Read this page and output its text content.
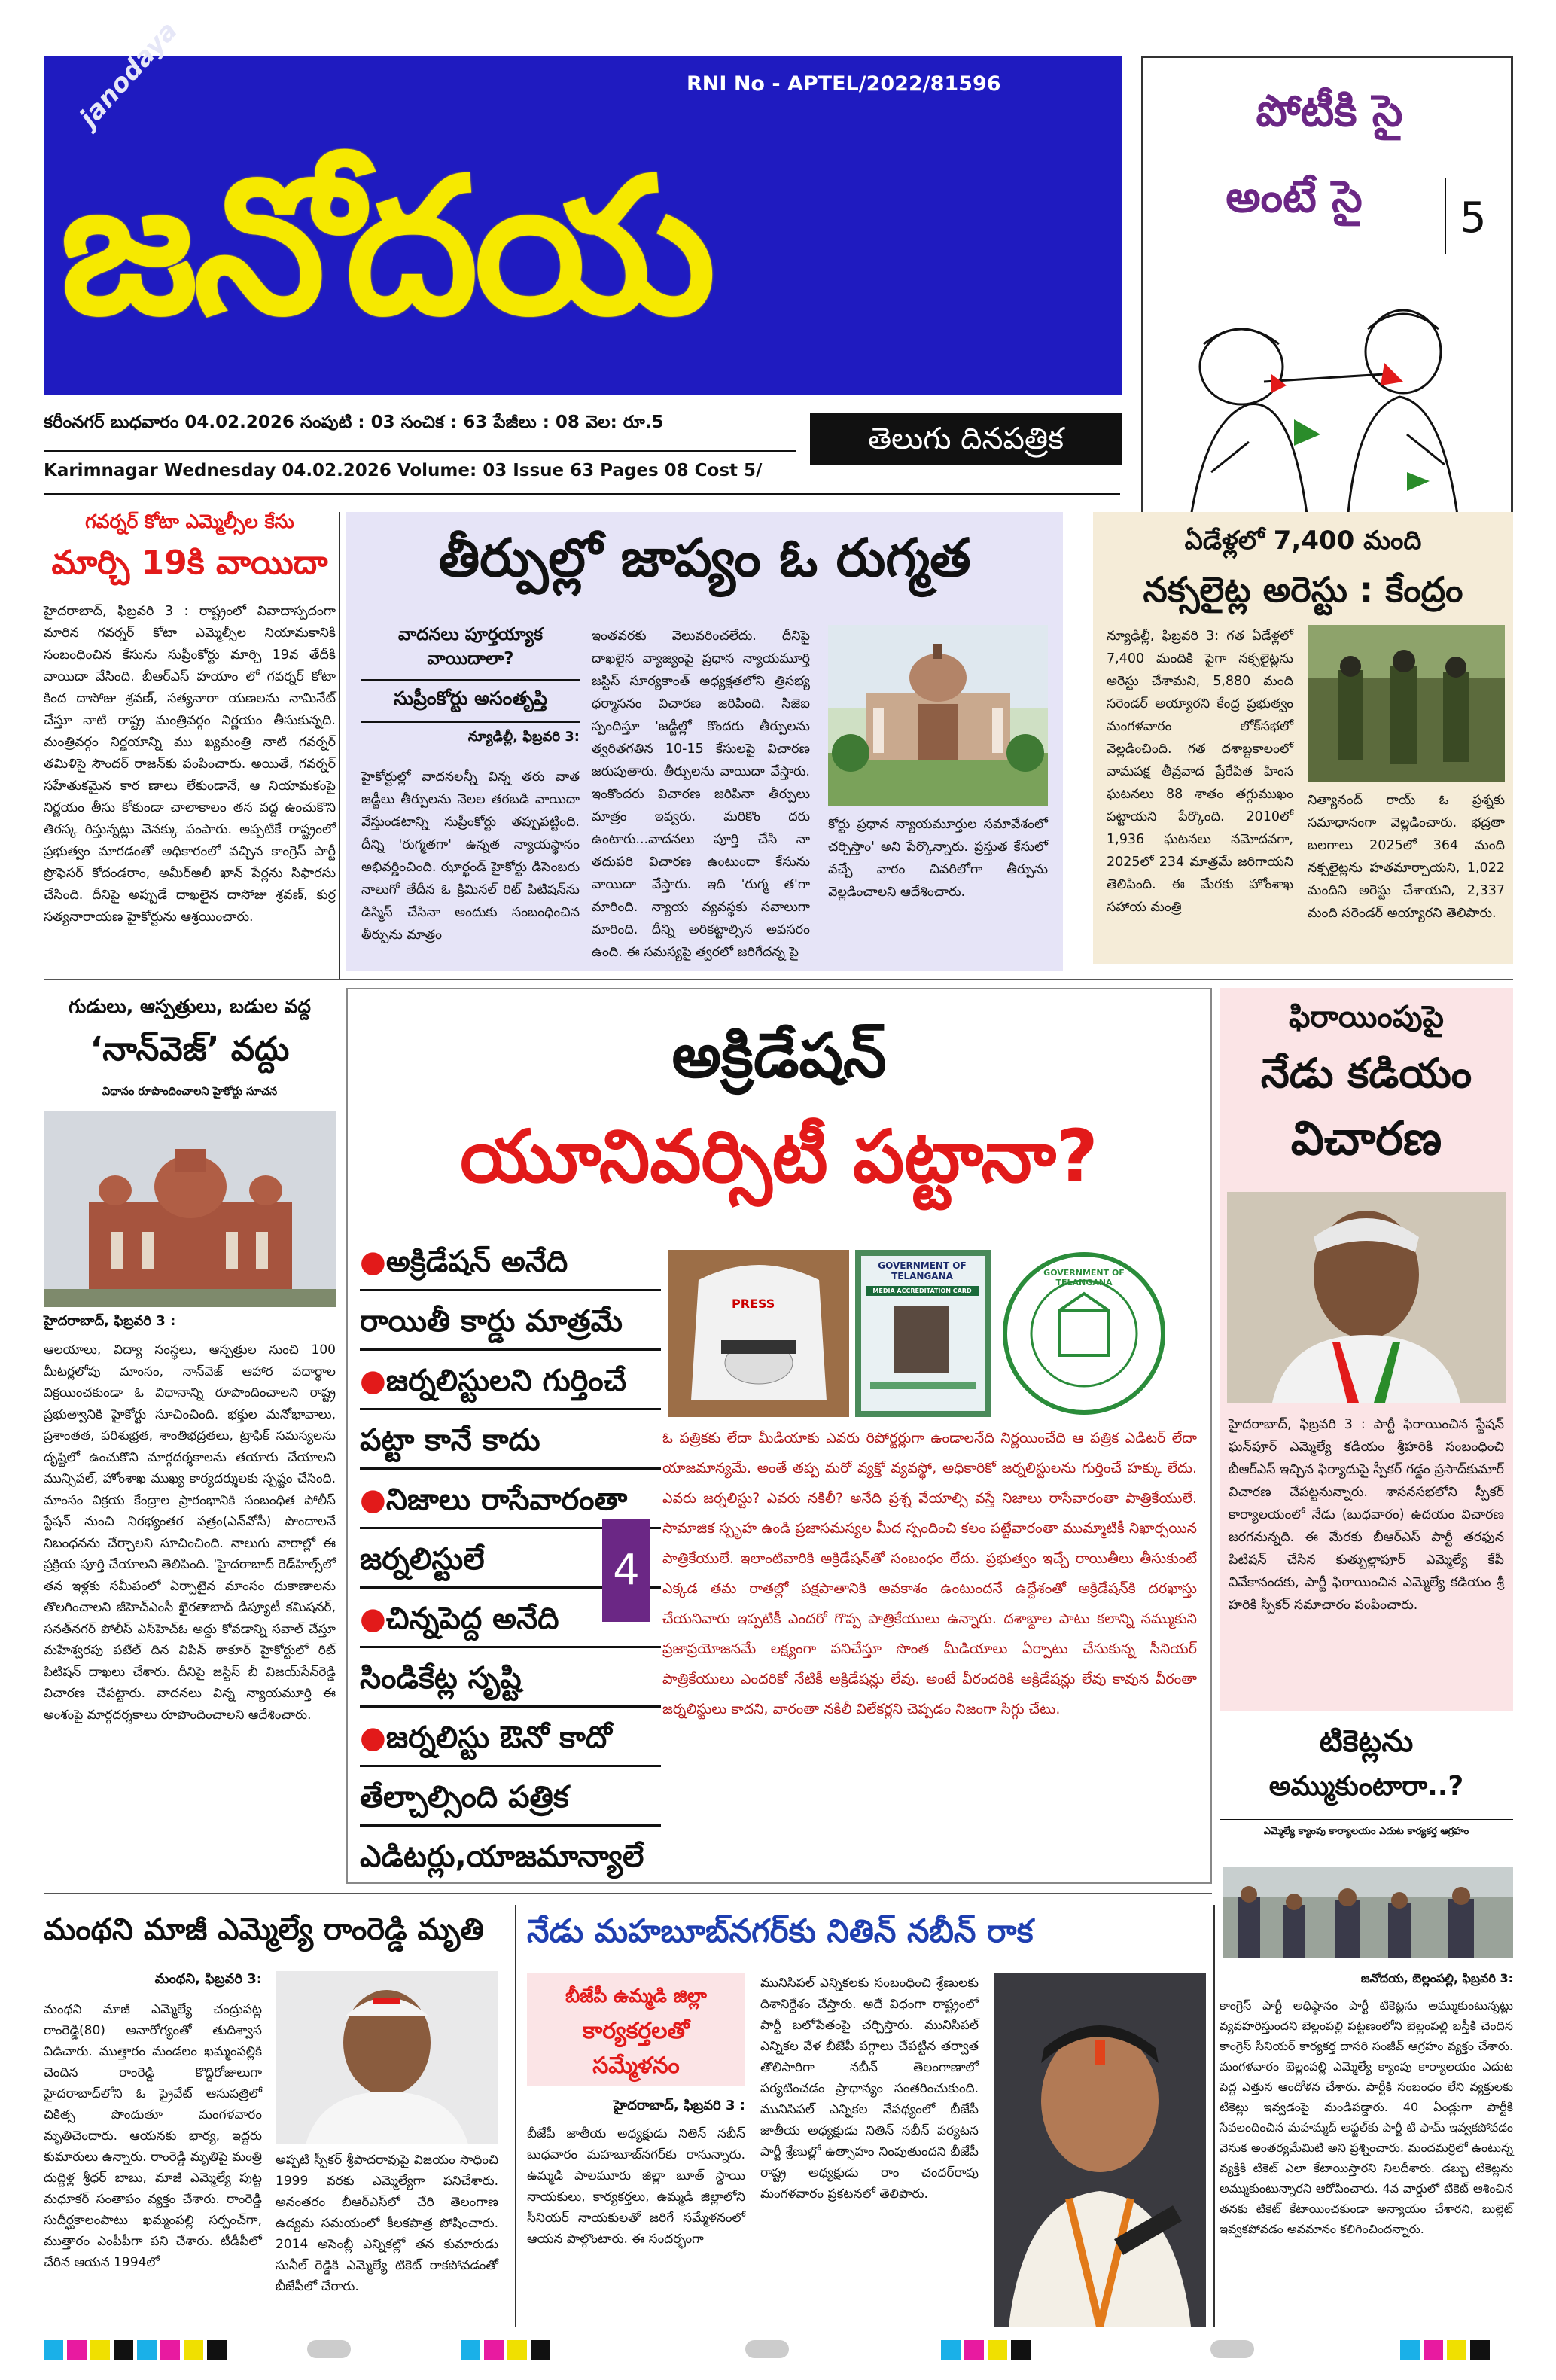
RNI No - APTEL/2022/81596
janodaya
జనోదయ
పోటీకి సై
అంటే సై	5
కరీంనగర్ బుధవారం 04.02.2026 సంపుటి : 03 సంచిక : 63 పేజీలు : 08 వెల: రూ.5	తెలుగు దినపత్రిక
Karimnagar Wednesday 04.02.2026 Volume: 03 Issue 63 Pages 08 Cost 5/
గవర్నర్ కోటా ఎమ్మెల్సీల కేసు
మార్చి 19కి వాయిదా
హైదరాబాద్, ఫిబ్రవరి 3 : రాష్ట్రంలో వివాదాస్పదంగా మారిన గవర్నర్ కోటా ఎమ్మెల్సీల నియామకానికి సంబంధించిన కేసును సుప్రీంకోర్టు మార్చి 19వ తేదీకి వాయిదా వేసింది. బీఆర్ఎస్ హయాం లో గవర్నర్ కోటా కింద దాసోజు శ్రవణ్, సత్యనారా యణలను నామినేట్ చేస్తూ నాటి రాష్ట్ర మంత్రివర్గం నిర్ణయం తీసుకున్నది. మంత్రివర్గం నిర్ణయాన్ని ము ఖ్యమంత్రి నాటి గవర్నర్ తమిళిసై సౌందర్ రాజన్‌కు పంపించారు. అయితే, గవర్నర్ సహేతుకమైన కార ణాలు లేకుండానే, ఆ నియామకంపై నిర్ణయం తీసు కోకుండా చాలాకాలం తన వద్ద ఉంచుకొని తిరస్క రిస్తున్నట్లు వెనక్కు పంపారు. అప్పటికే రాష్ట్రంలో ప్రభుత్వం మారడంతో అధికారంలో వచ్చిన కాంగ్రెస్ పార్టీ ప్రొఫెసర్ కోదండరాం, అమీర్‌అలీ ఖాన్ పేర్లను సిఫారసు చేసింది. దీనిపై అప్పుడే దాఖలైన దాసోజు శ్రవణ్, కుర్ర సత్యనారాయణ హైకోర్టును ఆశ్రయించారు.
తీర్పుల్లో జాప్యం ఓ రుగ్మత
వాదనలు పూర్తయ్యాక వాయిదాలా?
సుప్రీంకోర్టు అసంతృప్తి
న్యూఢిల్లీ, ఫిబ్రవరి 3:
హైకోర్టుల్లో వాదనలన్నీ విన్న తరు వాత జడ్జీలు తీర్పులను నెలల తరబడి వాయిదా వేస్తుండటాన్ని సుప్రీంకోర్టు తప్పుపట్టింది. దీన్ని 'రుగ్మతగా' ఉన్నత న్యాయస్థానం అభివర్ణించింది. ఝార్ఖండ్ హైకోర్టు డిసెంబరు నాలుగో తేదీన ఓ క్రిమినల్ రిట్ పిటిషన్‌ను డిస్మిస్ చేసినా అందుకు సంబంధించిన తీర్పును మాత్రం
ఇంతవరకు వెలువరించలేదు. దీనిపై దాఖలైన వ్యాజ్యంపై ప్రధాన న్యాయమూర్తి జస్టిస్ సూర్యకాంత్ అధ్యక్షతలోని త్రిసభ్య ధర్మాసనం విచారణ జరిపింది. సిజెఐ స్పందిస్తూ 'జడ్జీల్లో కొందరు తీర్పులను త్వరితగతిన 10-15 కేసులపై విచారణ జరుపుతారు. తీర్పులను వాయిదా వేస్తారు. ఇంకొందరు విచారణ జరిపినా తీర్పులు మాత్రం ఇవ్వరు. మరికొం దరు ఉంటారు...వాదనలు పూర్తి చేసి నా తదుపరి విచారణ ఉంటుందా కేసును వాయిదా వేస్తారు. ఇది 'రుగ్మ త'గా మారింది. న్యాయ వ్యవస్థకు సవాలుగా మారింది. దీన్ని అరికట్టాల్సిన అవసరం ఉంది. ఈ సమస్యపై త్వరలో జరిగేదన్న పై
కోర్టు ప్రధాన న్యాయమూర్తుల సమావేశంలో చర్చిస్తాం' అని పేర్కొన్నారు. ప్రస్తుత కేసులో వచ్చే వారం చివరిలోగా తీర్పును వెల్లడించాలని ఆదేశించారు.
ఏడేళ్లలో 7,400 మంది
నక్సలైట్ల అరెస్టు : కేంద్రం
న్యూఢిల్లీ, ఫిబ్రవరి 3: గత ఏడేళ్లలో 7,400 మందికి పైగా నక్సలైట్లను అరెస్టు చేశామని, 5,880 మంది సరెండర్ అయ్యారని కేంద్ర ప్రభుత్వం మంగళవారం లోక్‌సభలో వెల్లడించింది. గత దశాబ్దకాలంలో వామపక్ష తీవ్రవాద ప్రేరేపిత హింస ఘటనలు 88 శాతం తగ్గుముఖం పట్టాయని పేర్కొంది. 2010లో 1,936 ఘటనలు నమోదవగా, 2025లో 234 మాత్రమే జరిగాయని తెలిపింది. ఈ మేరకు హోంశాఖ సహాయ మంత్రి
నిత్యానంద్ రాయ్ ఓ ప్రశ్నకు సమాధానంగా వెల్లడించారు. భద్రతా బలగాలు 2025లో 364 మంది నక్సలైట్లను హతమార్చాయని, 1,022 మందిని అరెస్టు చేశాయని, 2,337 మంది సరెండర్ అయ్యారని తెలిపారు.
గుడులు, ఆస్పత్రులు, బడుల వద్ద
‘నాన్‌వెజ్’ వద్దు
విధానం రూపొందించాలని హైకోర్టు సూచన
హైదరాబాద్, ఫిబ్రవరి 3 :
ఆలయాలు, విద్యా సంస్థలు, ఆస్పత్రుల నుంచి 100 మీటర్లలోపు మాంసం, నాన్‌వెజ్ ఆహార పదార్థాల విక్రయించకుండా ఓ విధానాన్ని రూపొందించాలని రాష్ట్ర ప్రభుత్వానికి హైకోర్టు సూచించింది. భక్తుల మనోభావాలు, ప్రశాంతత, పరిశుభ్రత, శాంతిభద్రతలు, ట్రాఫిక్ సమస్యలను దృష్టిలో ఉంచుకొని మార్గదర్శకాలను తయారు చేయాలని మున్సిపల్, హోంశాఖ ముఖ్య కార్యదర్శులకు స్పష్టం చేసింది. మాంసం విక్రయ కేంద్రాల ప్రారంభానికి సంబంధిత పోలీస్ స్టేషన్ నుంచి నిరభ్యంతర పత్రం(ఎన్‌వోసీ) పొందాలనే నిబంధనను చేర్చాలని సూచించింది. నాలుగు వారాల్లో ఈ ప్రక్రియ పూర్తి చేయాలని తెలిపింది. 'హైదరాబాద్ రెడ్‌హిల్స్‌లో తన ఇళ్లకు సమీపంలో ఏర్పాటైన మాంసం దుకాణాలను తొలగించాలని జీహెచ్‌ఎంసీ ఖైరతాబాద్ డిప్యూటీ కమిషనర్, సనత్‌నగర్ పోలీస్ ఎస్‌హెచ్‌ఓ అద్దు కోవడాన్ని సవాల్ చేస్తూ మహేశ్వరపు పటేల్ దిన విపిన్ ఠాకూర్ హైకోర్టులో రిట్ పిటిషన్ దాఖలు చేశారు. దీనిపై జస్టిస్ బీ విజయ్‌సేన్‌రెడ్డి విచారణ చేపట్టారు. వాదనలు విన్న న్యాయమూర్తి ఈ అంశంపై మార్గదర్శకాలు రూపొందించాలని ఆదేశించారు.
అక్రిడేషన్
యూనివర్సిటీ పట్టానా?
●అక్రిడేషన్ అనేది
రాయితీ కార్డు మాత్రమే
●జర్నలిస్టులని గుర్తించే
పట్టా కానే కాదు
●నిజాలు రాసేవారంతా
జర్నలిస్టులే
●చిన్నపెద్ద అనేది
సిండికేట్ల సృష్టి
●జర్నలిస్టు ఔనో కాదో
తేల్చాల్సింది పత్రిక
ఎడిటర్లు,యాజమాన్యాలే
4
PRESS
GOVERNMENT OF TELANGANA
MEDIA ACCREDITATION CARD
GOVERNMENT OF TELANGANA
ఓ పత్రికకు లేదా మీడియాకు ఎవరు రిపోర్టర్లుగా ఉండాలనేది నిర్ణయించేది ఆ పత్రిక ఎడిటర్ లేదా యాజమాన్యమే. అంతే తప్ప మరో వ్యక్తో వ్యవస్థో, అధికారికో జర్నలిస్టులను గుర్తించే హక్కు లేదు. ఎవరు జర్నలిస్టు? ఎవరు నకిలీ? అనేది ప్రశ్న వేయాల్సి వస్తే నిజాలు రాసేవారంతా పాత్రికేయులే. సామాజిక స్పృహ ఉండి ప్రజాసమస్యల మీద స్పందించి కలం పట్టేవారంతా ముమ్మాటికీ నిఖార్సయిన పాత్రికేయులే. ఇలాంటివారికి అక్రిడేషన్‌తో సంబంధం లేదు. ప్రభుత్వం ఇచ్చే రాయితీలు తీసుకుంటే ఎక్కడ తమ రాతల్లో పక్షపాతానికి అవకాశం ఉంటుందనే ఉద్దేశంతో అక్రిడేషన్‌కి దరఖాస్తు చేయనివారు ఇప్పటికీ ఎందరో గొప్ప పాత్రికేయులు ఉన్నారు. దశాబ్దాల పాటు కలాన్ని నమ్ముకుని ప్రజాప్రయోజనమే లక్ష్యంగా పనిచేస్తూ సొంత మీడియాలు ఏర్పాటు చేసుకున్న సీనియర్ పాత్రికేయులు ఎందరికో నేటికీ అక్రిడేషన్లు లేవు. అంటే వీరందరికి అక్రిడేషన్లు లేవు కావున వీరంతా జర్నలిస్టులు కాదని, వారంతా నకిలీ విలేకర్లని చెప్పడం నిజంగా సిగ్గు చేటు.
ఫిరాయింపుపై
నేడు కడియం
విచారణ
హైదరాబాద్, ఫిబ్రవరి 3 : పార్టీ ఫిరాయించిన స్టేషన్ ఘన్‌పూర్ ఎమ్మెల్యే కడియం శ్రీహరికి సంబంధించి బీఆర్ఎస్ ఇచ్చిన ఫిర్యాదుపై స్పీకర్ గడ్డం ప్రసాద్‌కుమార్ విచారణ చేపట్టనున్నారు. శాసనసభలోని స్పీకర్ కార్యాలయంలో నేడు (బుధవారం) ఉదయం విచారణ జరగనున్నది. ఈ మేరకు బీఆర్ఎస్ పార్టీ తరఫున పిటిషన్ చేసిన కుత్బుల్లాపూర్ ఎమ్మెల్యే కేపీ వివేకానందకు, పార్టీ ఫిరాయించిన ఎమ్మెల్యే కడియం శ్రీ హరికి స్పీకర్ సమాచారం పంపించారు.
టికెట్లను
అమ్ముకుంటారా..?
ఎమ్మెల్యే క్యాంపు కార్యాలయం ఎదుట కార్యకర్త ఆగ్రహం
మంథని మాజీ ఎమ్మెల్యే రాంరెడ్డి మృతి
మంథని, ఫిబ్రవరి 3:
మంథని మాజీ ఎమ్మెల్యే చంద్రుపట్ల రాంరెడ్డి(80) అనారోగ్యంతో తుదిశ్వాస విడిచారు. ముత్తారం మండలం ఖమ్మంపల్లికి చెందిన రాంరెడ్డి కొద్దిరోజులుగా హైదరాబాద్‌లోని ఓ ప్రైవేట్ ఆసుపత్రిలో చికిత్స పొందుతూ మంగళవారం మృతిచెందారు. ఆయనకు భార్య, ఇద్దరు కుమారులు ఉన్నారు. రాంరెడ్డి మృతిపై మంత్రి దుద్దిళ్ల శ్రీధర్ బాబు, మాజీ ఎమ్మెల్యే పుట్ట మధూకర్ సంతాపం వ్యక్తం చేశారు. రాంరెడ్డి సుదీర్ఘకాలంపాటు ఖమ్మంపల్లి సర్పంచ్‌గా, ముత్తారం ఎంపీపీగా పని చేశారు. టీడీపీలో చేరిన ఆయన 1994లో
అప్పటి స్పీకర్ శ్రీపాదరావుపై విజయం సాధించి 1999 వరకు ఎమ్మెల్యేగా పనిచేశారు. అనంతరం బీఆర్ఎస్‌లో చేరి తెలంగాణ ఉద్యమ సమయంలో కీలకపాత్ర పోషించారు. 2014 అసెంబ్లీ ఎన్నికల్లో తన కుమారుడు సునీల్ రెడ్డికి ఎమ్మెల్యే టికెట్ రాకపోవడంతో బీజేపీలో చేరారు.
నేడు మహబూబ్‌నగర్‌కు నితిన్ నబీన్ రాక
బీజేపీ ఉమ్మడి జిల్లా
కార్యకర్తలతో
సమ్మేళనం
హైదరాబాద్, ఫిబ్రవరి 3 :
బీజేపీ జాతీయ అధ్యక్షుడు నితిన్ నబీన్ బుధవారం మహబూబ్‌నగర్‌కు రానున్నారు. ఉమ్మడి పాలమూరు జిల్లా బూత్ స్థాయి నాయకులు, కార్యకర్తలు, ఉమ్మడి జిల్లాలోని సీనియర్ నాయకులతో జరిగే సమ్మేళనంలో ఆయన పాల్గొంటారు. ఈ సందర్భంగా
మునిసిపల్ ఎన్నికలకు సంబంధించి శ్రేణులకు దిశానిర్దేశం చేస్తారు. అదే విధంగా రాష్ట్రంలో పార్టీ బలోపేతంపై చర్చిస్తారు. మునిసిపల్ ఎన్నికల వేళ బీజేపీ పగ్గాలు చేపట్టిన తర్వాత తొలిసారిగా నబీన్ తెలంగాణాలో పర్యటించడం ప్రాధాన్యం సంతరించుకుంది. మునిసిపల్ ఎన్నికల నేపథ్యంలో బీజేపీ జాతీయ అధ్యక్షుడు నితిన్ నబీన్ పర్యటన పార్టీ శ్రేణుల్లో ఉత్సాహం నింపుతుందని బీజేపీ రాష్ట్ర అధ్యక్షుడు రాం చందర్‌రావు మంగళవారం ప్రకటనలో తెలిపారు.
జనోదయ, బెల్లంపల్లి, ఫిబ్రవరి 3:
కాంగ్రెస్ పార్టీ అధిష్ఠానం పార్టీ టికెట్లను అమ్ముకుంటున్నట్లు వ్యవహరిస్తుందని బెల్లంపల్లి పట్టణంలోని బెల్లంపల్లి బస్తీకి చెందిన కాంగ్రెస్ సీనియర్ కార్యకర్త దాసరి సంజీవ్ ఆగ్రహం వ్యక్తం చేశారు. మంగళవారం బెల్లంపల్లి ఎమ్మెల్యే క్యాంపు కార్యాలయం ఎదుట పెద్ద ఎత్తున ఆందోళన చేశారు. పార్టీకి సంబంధం లేని వ్యక్తులకు టికెట్లు ఇవ్వడంపై మండిపడ్డారు. 40 ఏండ్లుగా పార్టీకి సేవలందించిన మహమ్మద్ అఫ్జల్‌కు పార్టీ టి ఫామ్ ఇవ్వకపోవడం వెనుక అంతర్యమేమిటి అని ప్రశ్నించారు. మందమర్రిలో ఉంటున్న వ్యక్తికి టికెట్ ఎలా కేటాయిస్తారని నిలదీశారు. డబ్బు టికెట్లను అమ్ముకుంటున్నారని ఆరోపించారు. 4వ వార్డులో టికెట్ ఆశించిన తనకు టికెట్ కేటాయించకుండా అన్యాయం చేశారని, బుల్లెట్ ఇవ్వకపోవడం అవమానం కలిగించిందన్నారు.
